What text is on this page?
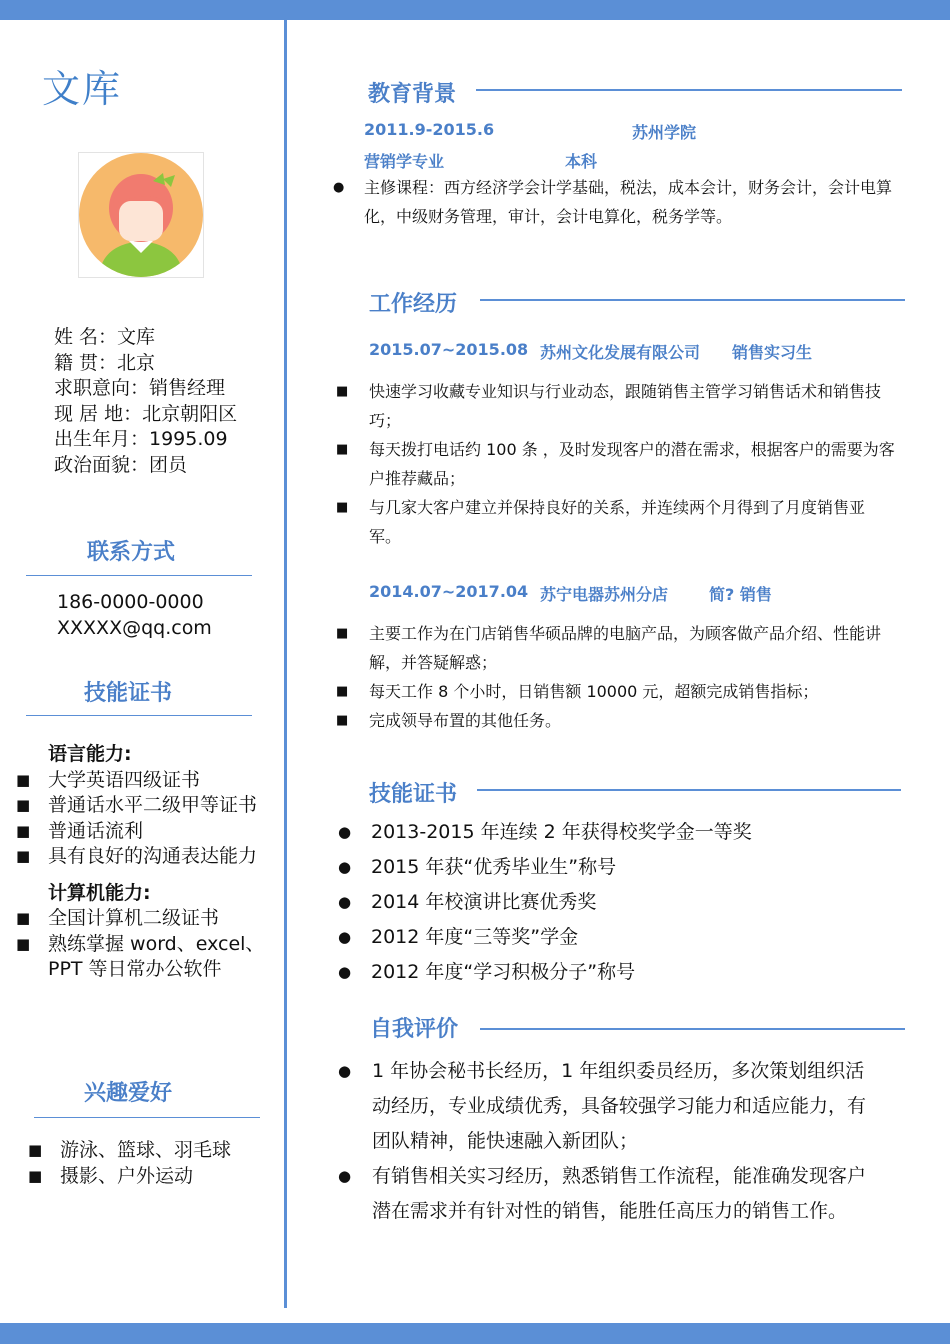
文库
姓 名：文库
籍 贯：北京
求职意向：销售经理
现 居 地：北京朝阳区
出生年月：1995.09
政治面貌：团员
联系方式
186-0000-0000
XXXXX@qq.com
技能证书
语言能力:
■ 大学英语四级证书
■ 普通话水平二级甲等证书
■ 普通话流利
■ 具有良好的沟通表达能力
计算机能力:
■ 全国计算机二级证书
■ 熟练掌握 word、excel、
PPT 等日常办公软件
兴趣爱好
■ 游泳、篮球、羽毛球
■ 摄影、户外运动
教育背景
2011.9-2015.6	苏州学院
营销学专业	本科
●	主修课程：西方经济学会计学基础，税法，成本会计，财务会计，会计电算化，中级财务管理，审计，会计电算化，税务学等。
工作经历
2015.07~2015.08 苏州文化发展有限公司 销售实习生
■	快速学习收藏专业知识与行业动态，跟随销售主管学习销售话术和销售技巧；
■	每天拨打电话约 100 条 ，及时发现客户的潜在需求，根据客户的需要为客户推荐藏品；
■	与几家大客户建立并保持良好的关系，并连续两个月得到了月度销售亚军。
2014.07~2017.04 苏宁电器苏州分店	简? 销售
■	主要工作为在门店销售华硕品牌的电脑产品，为顾客做产品介绍、性能讲解，并答疑解惑；
■	每天工作 8 个小时，日销售额 10000 元，超额完成销售指标；
■	完成领导布置的其他任务。
技能证书
●	2013-2015 年连续 2 年获得校奖学金一等奖
●	2015 年获“优秀毕业生”称号
●	2014 年校演讲比赛优秀奖
●	2012 年度“三等奖”学金
●	2012 年度“学习积极分子”称号
自我评价
●	1 年协会秘书长经历，1 年组织委员经历，多次策划组织活动经历，专业成绩优秀，具备较强学习能力和适应能力，有团队精神，能快速融入新团队；
●	有销售相关实习经历，熟悉销售工作流程，能准确发现客户潜在需求并有针对性的销售，能胜任高压力的销售工作。
